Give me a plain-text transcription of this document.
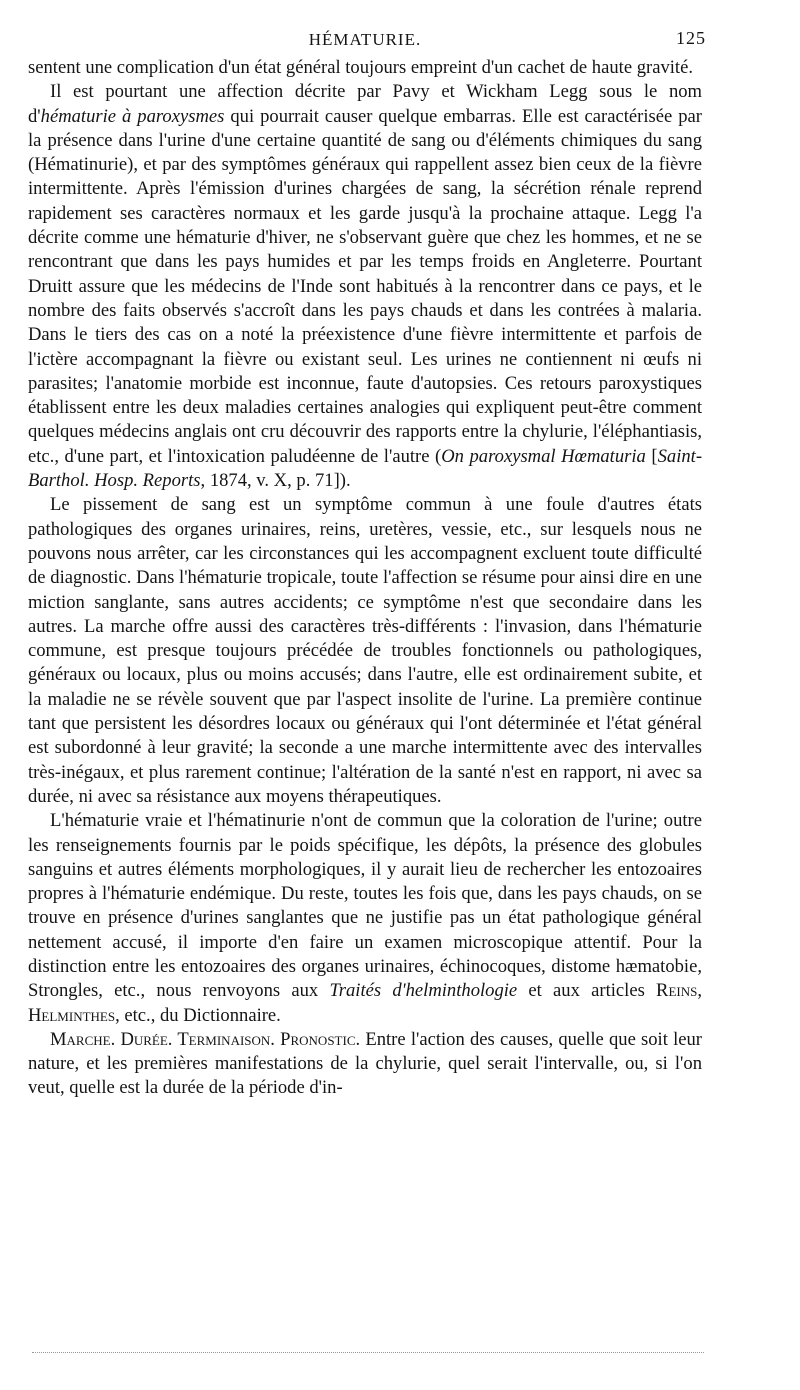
HÉMATURIE.	125

sentent une complication d'un état général toujours empreint d'un cachet de haute gravité.

Il est pourtant une affection décrite par Pavy et Wickham Legg sous le nom d'hématurie à paroxysmes qui pourrait causer quelque embarras. Elle est caractérisée par la présence dans l'urine d'une certaine quantité de sang ou d'éléments chimiques du sang (Hématinurie), et par des symptômes généraux qui rappellent assez bien ceux de la fièvre intermittente. Après l'émission d'urines chargées de sang, la sécrétion rénale reprend rapidement ses caractères normaux et les garde jusqu'à la prochaine attaque. Legg l'a décrite comme une hématurie d'hiver, ne s'observant guère que chez les hommes, et ne se rencontrant que dans les pays humides et par les temps froids en Angleterre. Pourtant Druitt assure que les médecins de l'Inde sont habitués à la rencontrer dans ce pays, et le nombre des faits observés s'accroît dans les pays chauds et dans les contrées à malaria. Dans le tiers des cas on a noté la préexistence d'une fièvre intermittente et parfois de l'ictère accompagnant la fièvre ou existant seul. Les urines ne contiennent ni œufs ni parasites; l'anatomie morbide est inconnue, faute d'autopsies. Ces retours paroxystiques établissent entre les deux maladies certaines analogies qui expliquent peut-être comment quelques médecins anglais ont cru découvrir des rapports entre la chylurie, l'éléphantiasis, etc., d'une part, et l'intoxication paludéenne de l'autre (On paroxysmal Hœmaturia [Saint-Barthol. Hosp. Reports, 1874, v. X, p. 71]).

Le pissement de sang est un symptôme commun à une foule d'autres états pathologiques des organes urinaires, reins, uretères, vessie, etc., sur lesquels nous ne pouvons nous arrêter, car les circonstances qui les accompagnent excluent toute difficulté de diagnostic. Dans l'hématurie tropicale, toute l'affection se résume pour ainsi dire en une miction sanglante, sans autres accidents; ce symptôme n'est que secondaire dans les autres. La marche offre aussi des caractères très-différents : l'invasion, dans l'hématurie commune, est presque toujours précédée de troubles fonctionnels ou pathologiques, généraux ou locaux, plus ou moins accusés; dans l'autre, elle est ordinairement subite, et la maladie ne se révèle souvent que par l'aspect insolite de l'urine. La première continue tant que persistent les désordres locaux ou généraux qui l'ont déterminée et l'état général est subordonné à leur gravité; la seconde a une marche intermittente avec des intervalles très-inégaux, et plus rarement continue; l'altération de la santé n'est en rapport, ni avec sa durée, ni avec sa résistance aux moyens thérapeutiques.

L'hématurie vraie et l'hématinurie n'ont de commun que la coloration de l'urine; outre les renseignements fournis par le poids spécifique, les dépôts, la présence des globules sanguins et autres éléments morphologiques, il y aurait lieu de rechercher les entozoaires propres à l'hématurie endémique. Du reste, toutes les fois que, dans les pays chauds, on se trouve en présence d'urines sanglantes que ne justifie pas un état pathologique général nettement accusé, il importe d'en faire un examen microscopique attentif. Pour la distinction entre les entozoaires des organes urinaires, échinocoques, distome hæmatobie, Strongles, etc., nous renvoyons aux Traités d'helminthologie et aux articles Reins, Helminthes, etc., du Dictionnaire.

Marche. Durée. Terminaison. Pronostic. Entre l'action des causes, quelle que soit leur nature, et les premières manifestations de la chylurie, quel serait l'intervalle, ou, si l'on veut, quelle est la durée de la période d'in-
